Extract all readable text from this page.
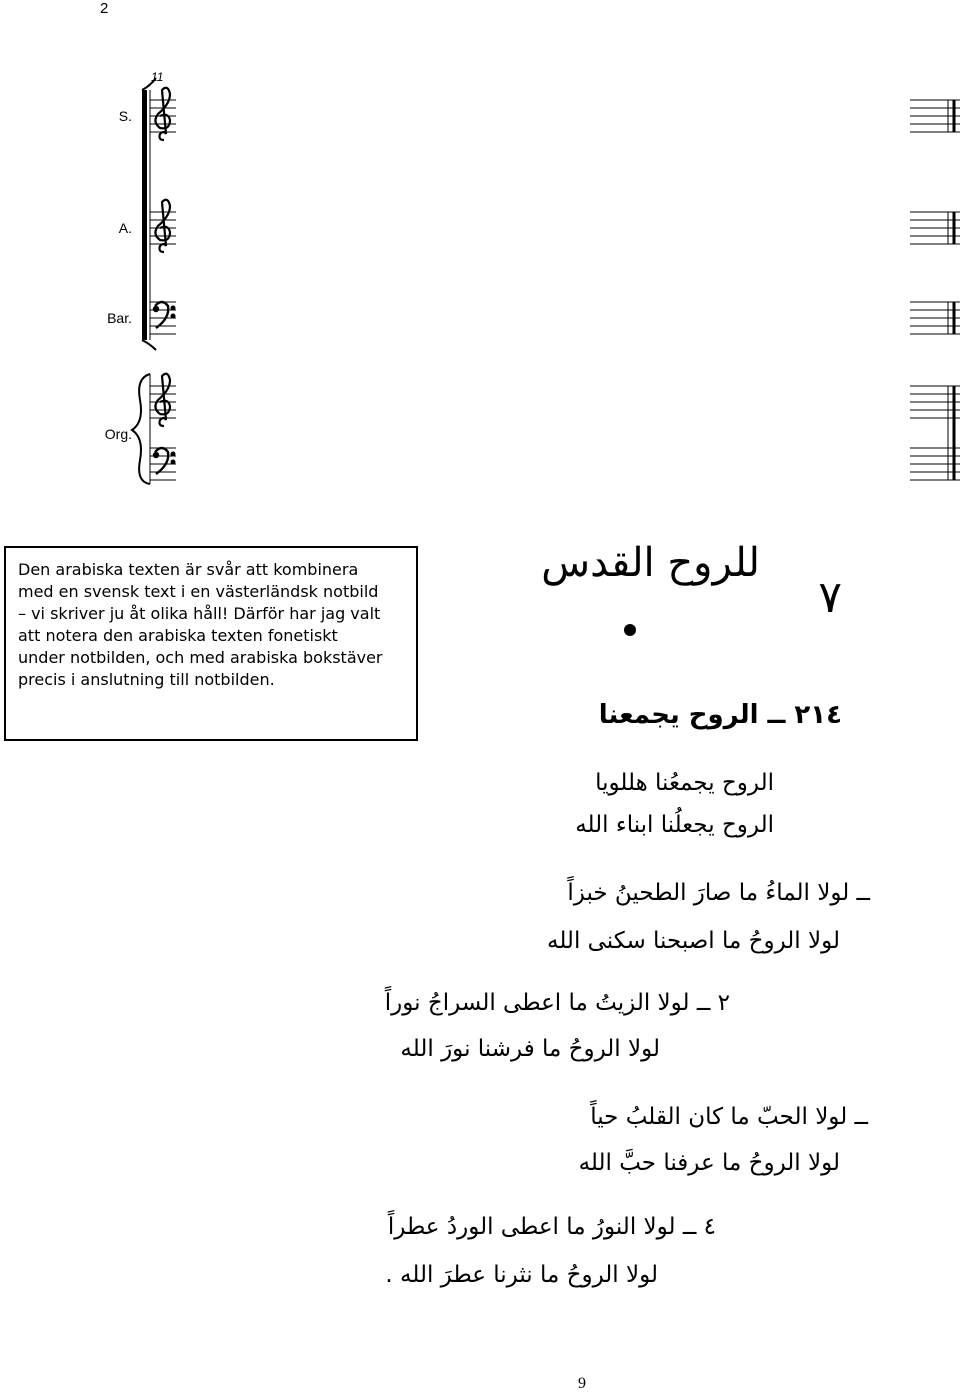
2
11
S.
A.
Bar.
Org.
Den arabiska texten är svår att kombinera
med en svensk text i en västerländsk notbild
– vi skriver ju åt olika håll! Därför har jag valt
att notera den arabiska texten fonetiskt
under notbilden, och med arabiska bokstäver
precis i anslutning till notbilden.
للروح القدس
٧
٢١٤ ــ الروح يجمعنا
الروح يجمعُنا هللويا
الروح يجعلُنا ابناء الله
ــ لولا الماءُ ما صارَ الطحينُ خبزاً
لولا الروحُ ما اصبحنا سكنى الله
٢ ــ لولا الزيتُ ما اعطى السراجُ نوراً
لولا الروحُ ما فرشنا نورَ الله
ــ لولا الحبّ ما كان القلبُ حياً
لولا الروحُ ما عرفنا حبَّ الله
٤ ــ لولا النورُ ما اعطى الوردُ عطراً
لولا الروحُ ما نثرنا عطرَ الله .
9
